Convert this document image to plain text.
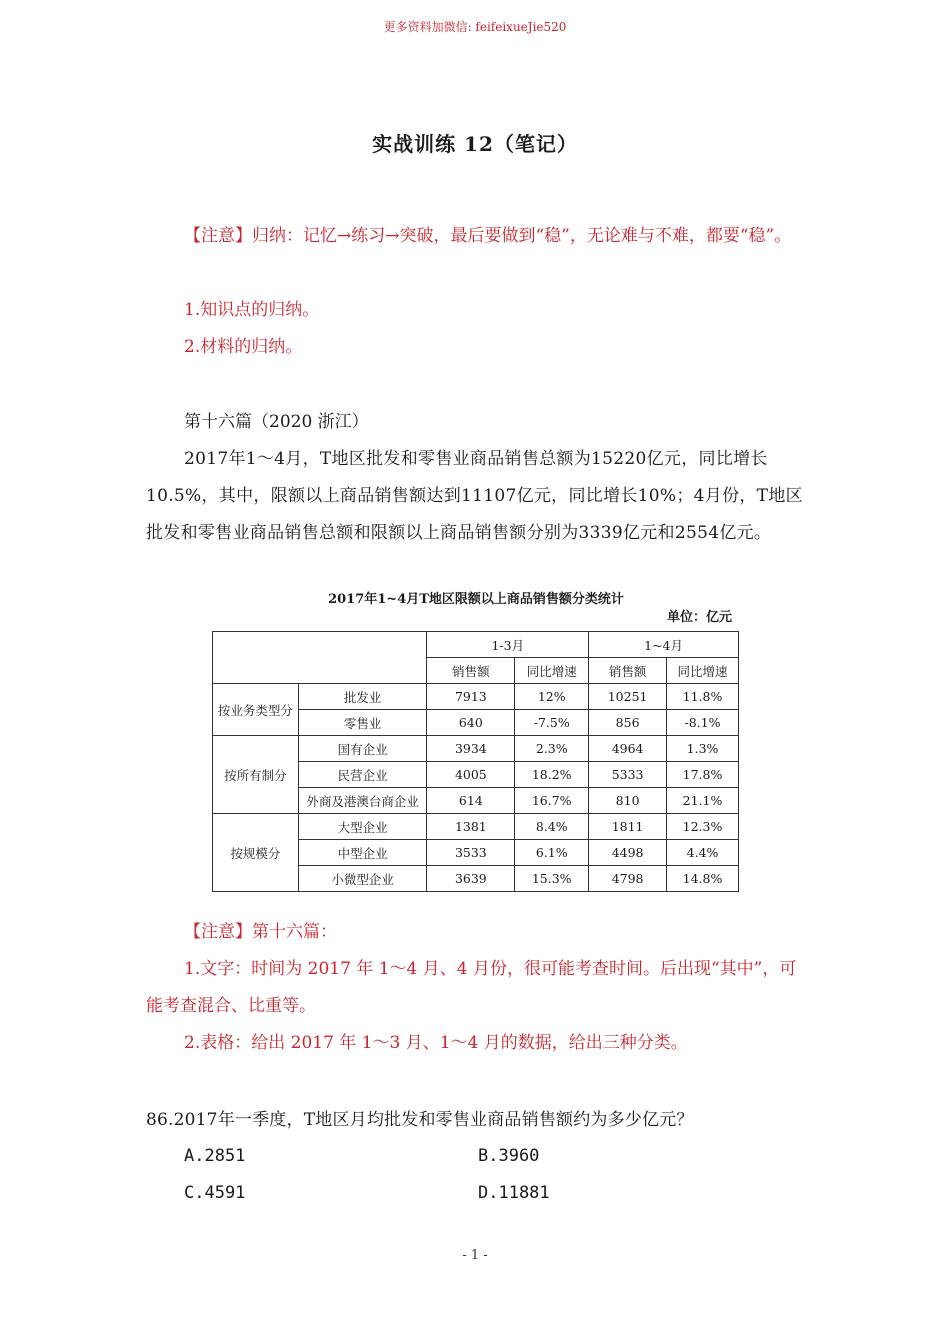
更多资料加微信: feifeixueJie520
实战训练 12（笔记）
【注意】归纳：记忆→练习→突破，最后要做到“稳”，无论难与不难，都要“稳”。
1.知识点的归纳。
2.材料的归纳。
第十六篇（2020 浙江）
2017年1～4月，T地区批发和零售业商品销售总额为15220亿元，同比增长10.5%，其中，限额以上商品销售额达到11107亿元，同比增长10%；4月份，T地区批发和零售业商品销售总额和限额以上商品销售额分别为3339亿元和2554亿元。
2017年1~4月T地区限额以上商品销售额分类统计
单位：亿元
		1-3月		1~4月	
		销售额	同比增速	销售额	同比增速
按业务类型分	批发业	7913	12%	10251	11.8%
	零售业	640	-7.5%	856	-8.1%
按所有制分	国有企业	3934	2.3%	4964	1.3%
	民营企业	4005	18.2%	5333	17.8%
	外商及港澳台商企业	614	16.7%	810	21.1%
按规模分	大型企业	1381	8.4%	1811	12.3%
	中型企业	3533	6.1%	4498	4.4%
	小微型企业	3639	15.3%	4798	14.8%
【注意】第十六篇：
1.文字：时间为 2017 年 1～4 月、4 月份，很可能考查时间。后出现“其中”，可能考查混合、比重等。
2.表格：给出 2017 年 1～3 月、1～4 月的数据，给出三种分类。
86.2017年一季度，T地区月均批发和零售业商品销售额约为多少亿元？
A.2851	B.3960
C.4591	D.11881
- 1 -
